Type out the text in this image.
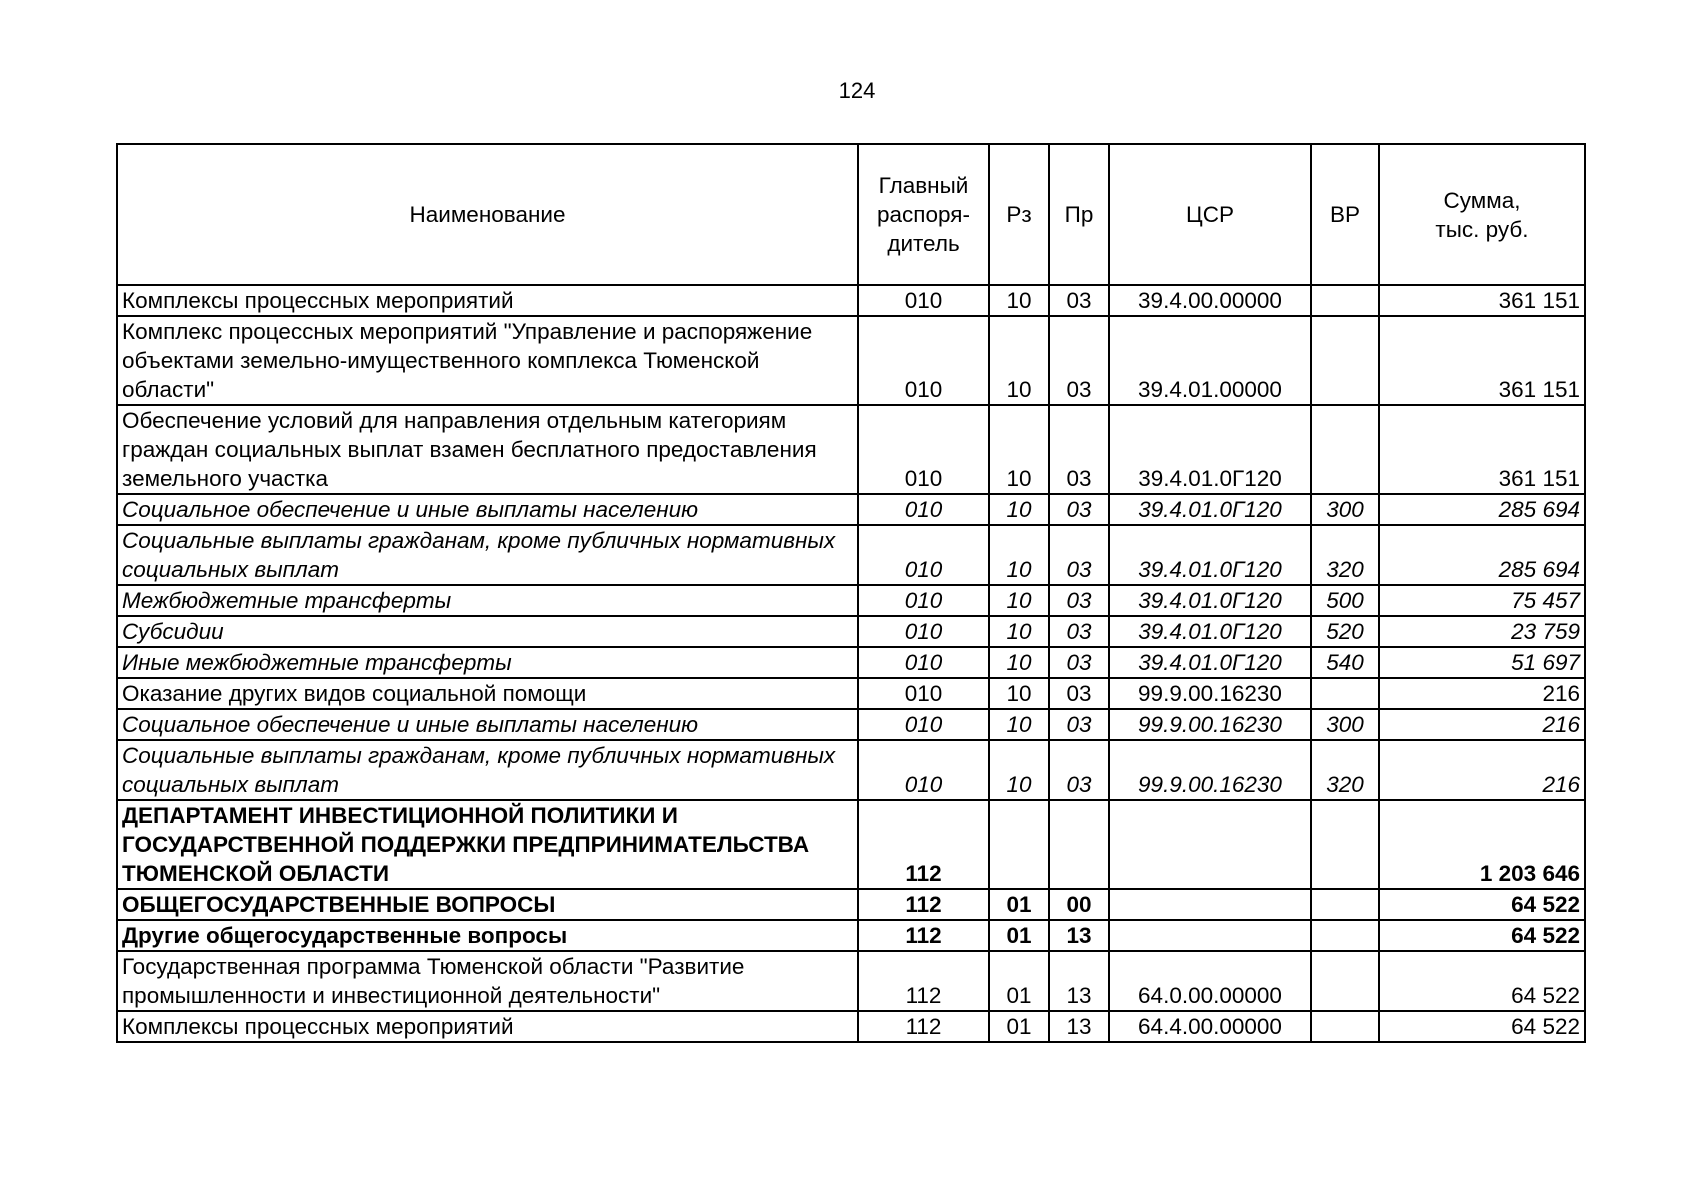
124
Наименование	Главный
распоря-
дитель	Рз	Пр	ЦСР	ВР	Сумма,
тыс. руб.
Комплексы процессных мероприятий	010	10	03	39.4.00.00000		361 151
Комплекс процессных мероприятий "Управление и распоряжение объектами земельно-имущественного комплекса Тюменской области"	010	10	03	39.4.01.00000		361 151
Обеспечение условий для направления отдельным категориям граждан социальных выплат взамен бесплатного предоставления земельного участка	010	10	03	39.4.01.0Г120		361 151
Социальное обеспечение и иные выплаты населению	010	10	03	39.4.01.0Г120	300	285 694
Социальные выплаты гражданам, кроме публичных нормативных социальных выплат	010	10	03	39.4.01.0Г120	320	285 694
Межбюджетные трансферты	010	10	03	39.4.01.0Г120	500	75 457
Субсидии	010	10	03	39.4.01.0Г120	520	23 759
Иные межбюджетные трансферты	010	10	03	39.4.01.0Г120	540	51 697
Оказание других видов социальной помощи	010	10	03	99.9.00.16230		216
Социальное обеспечение и иные выплаты населению	010	10	03	99.9.00.16230	300	216
Социальные выплаты гражданам, кроме публичных нормативных социальных выплат	010	10	03	99.9.00.16230	320	216
ДЕПАРТАМЕНТ ИНВЕСТИЦИОННОЙ ПОЛИТИКИ И ГОСУДАРСТВЕННОЙ ПОДДЕРЖКИ ПРЕДПРИНИМАТЕЛЬСТВА ТЮМЕНСКОЙ ОБЛАСТИ	112					1 203 646
ОБЩЕГОСУДАРСТВЕННЫЕ ВОПРОСЫ	112	01	00			64 522
Другие общегосударственные вопросы	112	01	13			64 522
Государственная программа Тюменской области "Развитие промышленности и инвестиционной деятельности"	112	01	13	64.0.00.00000		64 522
Комплексы процессных мероприятий	112	01	13	64.4.00.00000		64 522
